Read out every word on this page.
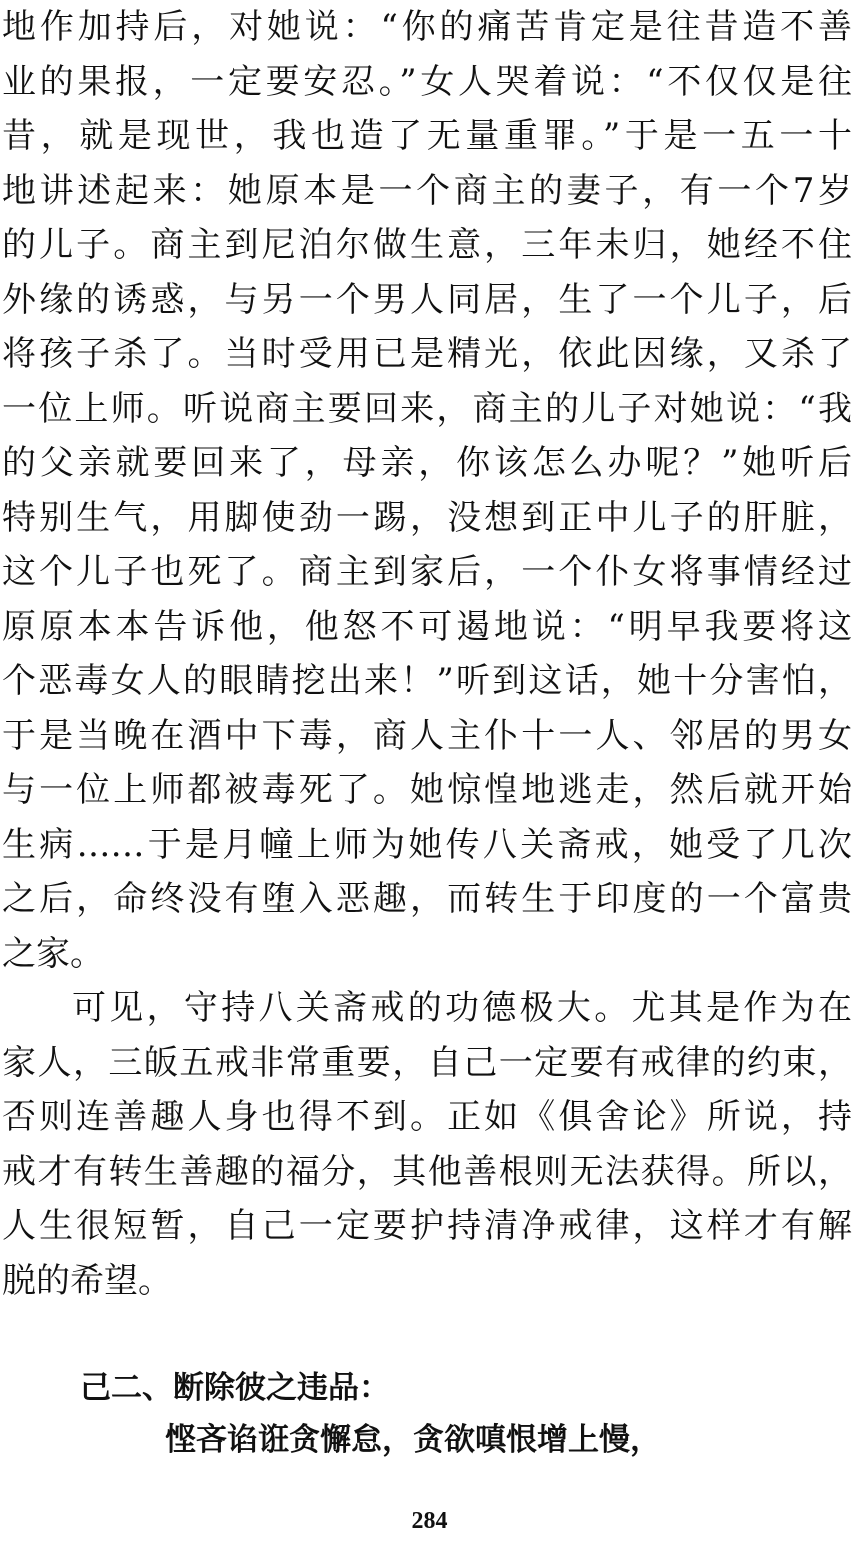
地作加持后，对她说：“你的痛苦肯定是往昔造不善
业的果报，一定要安忍。”女人哭着说：“不仅仅是往
昔，就是现世，我也造了无量重罪。”于是一五一十
地讲述起来：她原本是一个商主的妻子，有一个7岁
的儿子。商主到尼泊尔做生意，三年未归，她经不住
外缘的诱惑，与另一个男人同居，生了一个儿子，后
将孩子杀了。当时受用已是精光，依此因缘，又杀了
一位上师。听说商主要回来，商主的儿子对她说：“我
的父亲就要回来了，母亲，你该怎么办呢？”她听后
特别生气，用脚使劲一踢，没想到正中儿子的肝脏，
这个儿子也死了。商主到家后，一个仆女将事情经过
原原本本告诉他，他怒不可遏地说：“明早我要将这
个恶毒女人的眼睛挖出来！”听到这话，她十分害怕，
于是当晚在酒中下毒，商人主仆十一人、邻居的男女
与一位上师都被毒死了。她惊惶地逃走，然后就开始
生病……于是月幢上师为她传八关斋戒，她受了几次
之后，命终没有堕入恶趣，而转生于印度的一个富贵
之家。
可见，守持八关斋戒的功德极大。尤其是作为在
家人，三皈五戒非常重要，自己一定要有戒律的约束，
否则连善趣人身也得不到。正如《俱舍论》所说，持
戒才有转生善趣的福分，其他善根则无法获得。所以，
人生很短暂，自己一定要护持清净戒律，这样才有解
脱的希望。
己二、断除彼之违品：
悭吝谄诳贪懈怠，贪欲嗔恨增上慢，
284
